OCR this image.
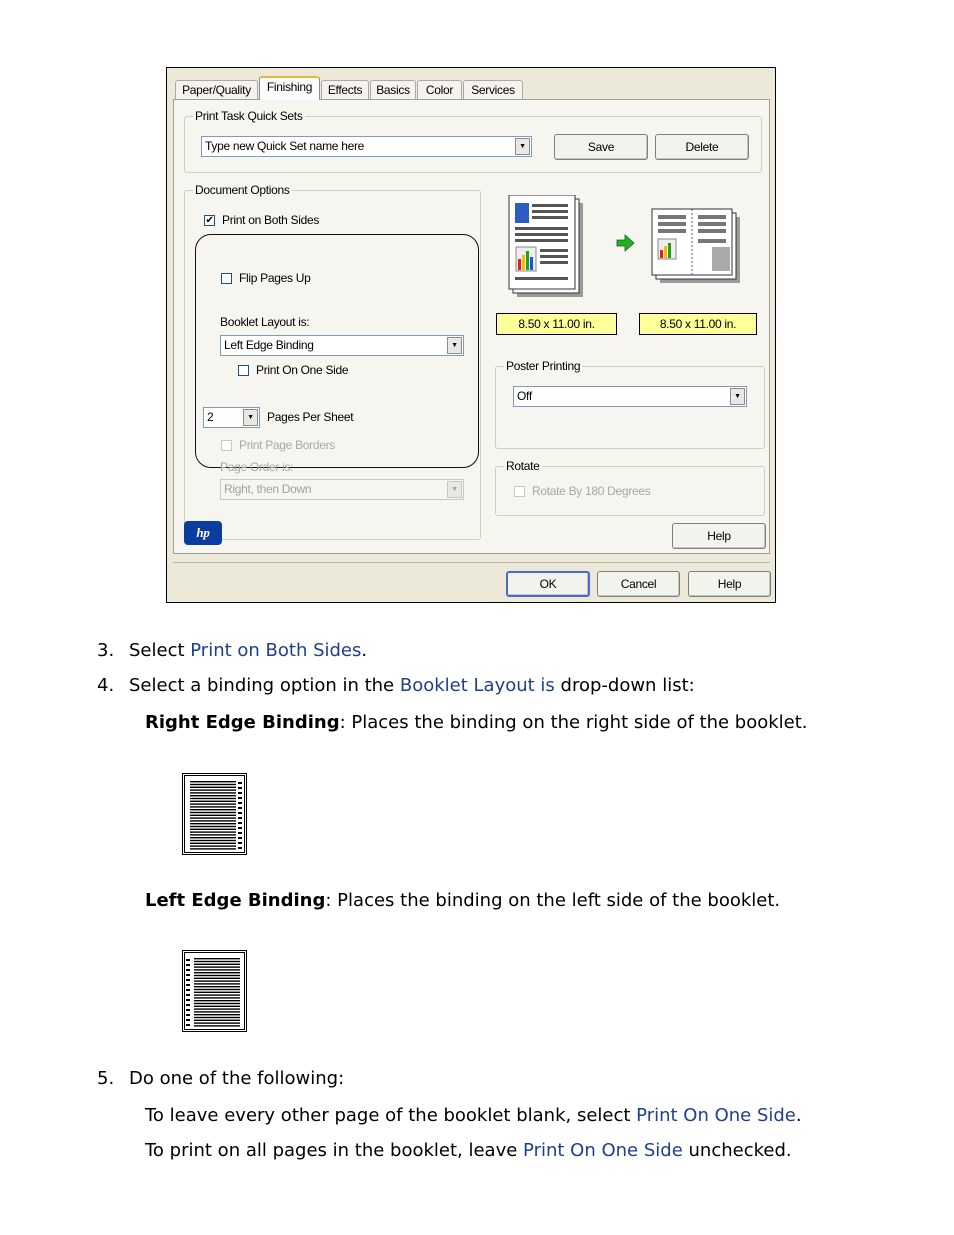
Paper/Quality	Finishing	Effects	Basics	Color	Services
Print Task Quick Sets
Type new Quick Set name here	▼	Save	Delete
Document Options
✔ Print on Both Sides
Flip Pages Up
Booklet Layout is:
Left Edge Binding	▼
Print On One Side
2	▼	Pages Per Sheet
Print Page Borders
Page Order is:
Right, then Down	▼
8.50 x 11.00 in.	8.50 x 11.00 in.
Poster Printing
Off	▼
Rotate
Rotate By 180 Degrees
Help
hp
OK	Cancel	Help
3. Select Print on Both Sides.
4. Select a binding option in the Booklet Layout is drop-down list:
Right Edge Binding: Places the binding on the right side of the booklet.
Left Edge Binding: Places the binding on the left side of the booklet.
5. Do one of the following:
To leave every other page of the booklet blank, select Print On One Side.
To print on all pages in the booklet, leave Print On One Side unchecked.
